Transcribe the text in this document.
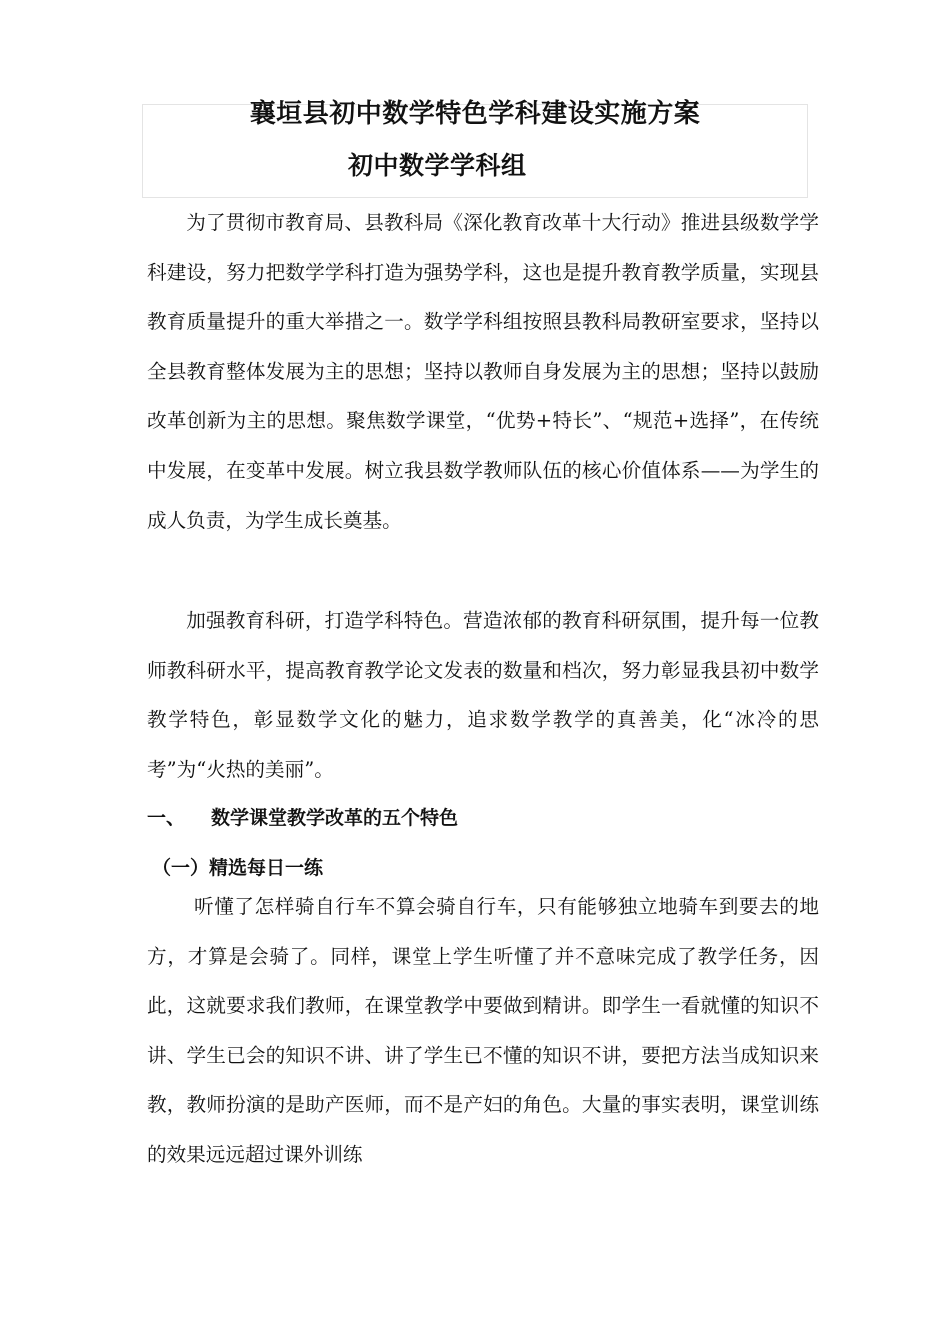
襄垣县初中数学特色学科建设实施方案
初中数学学科组

为了贯彻市教育局、县教科局《深化教育改革十大行动》推进县级数学学科建设，努力把数学学科打造为强势学科，这也是提升教育教学质量，实现县教育质量提升的重大举措之一。数学学科组按照县教科局教研室要求，坚持以全县教育整体发展为主的思想；坚持以教师自身发展为主的思想；坚持以鼓励改革创新为主的思想。聚焦数学课堂，“优势+特长”、“规范+选择”，在传统中发展，在变革中发展。树立我县数学教师队伍的核心价值体系——为学生的成人负责，为学生成长奠基。

加强教育科研，打造学科特色。营造浓郁的教育科研氛围，提升每一位教师教科研水平，提高教育教学论文发表的数量和档次，努力彰显我县初中数学教学特色，彰显数学文化的魅力，追求数学教学的真善美，化“冰冷的思考”为“火热的美丽”。

一、 数学课堂教学改革的五个特色
（一）精选每日一练

听懂了怎样骑自行车不算会骑自行车，只有能够独立地骑车到要去的地方，才算是会骑了。同样，课堂上学生听懂了并不意味完成了教学任务，因此，这就要求我们教师，在课堂教学中要做到精讲。即学生一看就懂的知识不讲、学生已会的知识不讲、讲了学生已不懂的知识不讲，要把方法当成知识来教，教师扮演的是助产医师，而不是产妇的角色。大量的事实表明，课堂训练的效果远远超过课外训练
